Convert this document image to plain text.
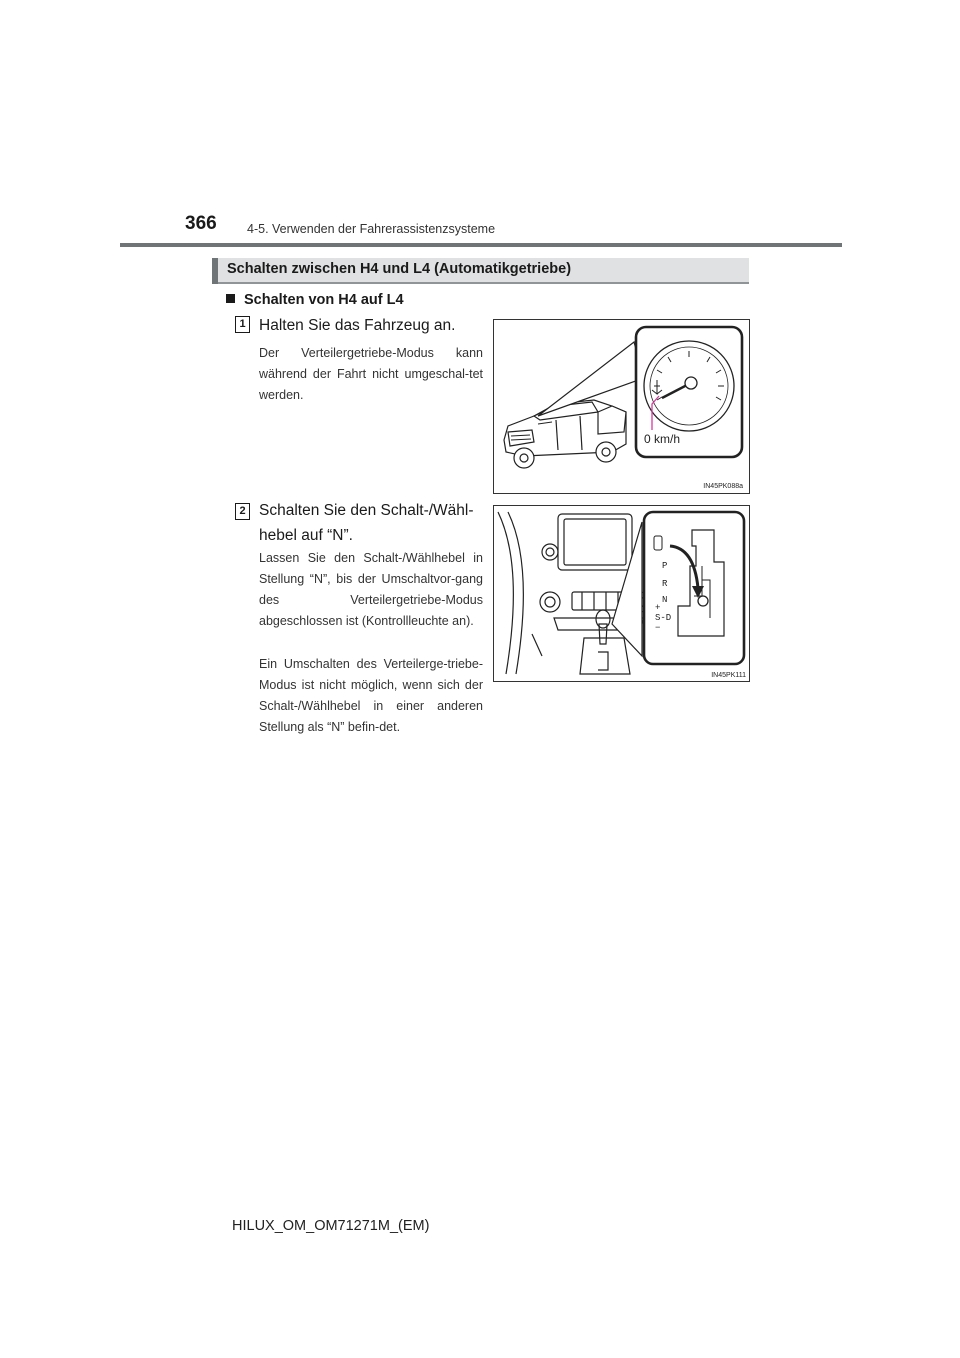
366 4-5. Verwenden der Fahrerassistenzsysteme
Schalten zwischen H4 und L4 (Automatikgetriebe)
Schalten von H4 auf L4
1 Halten Sie das Fahrzeug an.
Der Verteilergetriebe-Modus kann während der Fahrt nicht umgeschal-tet werden.
0 km/h
IN45PK088a
2 Schalten Sie den Schalt-/Wähl-hebel auf “N”.
Lassen Sie den Schalt-/Wählhebel in Stellung “N”, bis der Umschaltvor-gang des Verteilergetriebe-Modus abgeschlossen ist (Kontrollleuchte an).
Ein Umschalten des Verteilerge-triebe-Modus ist nicht möglich, wenn sich der Schalt-/Wählhebel in einer anderen Stellung als “N” befin-det.
P
R
N
+
S-D
−
IN45PK111
HILUX_OM_OM71271M_(EM)
